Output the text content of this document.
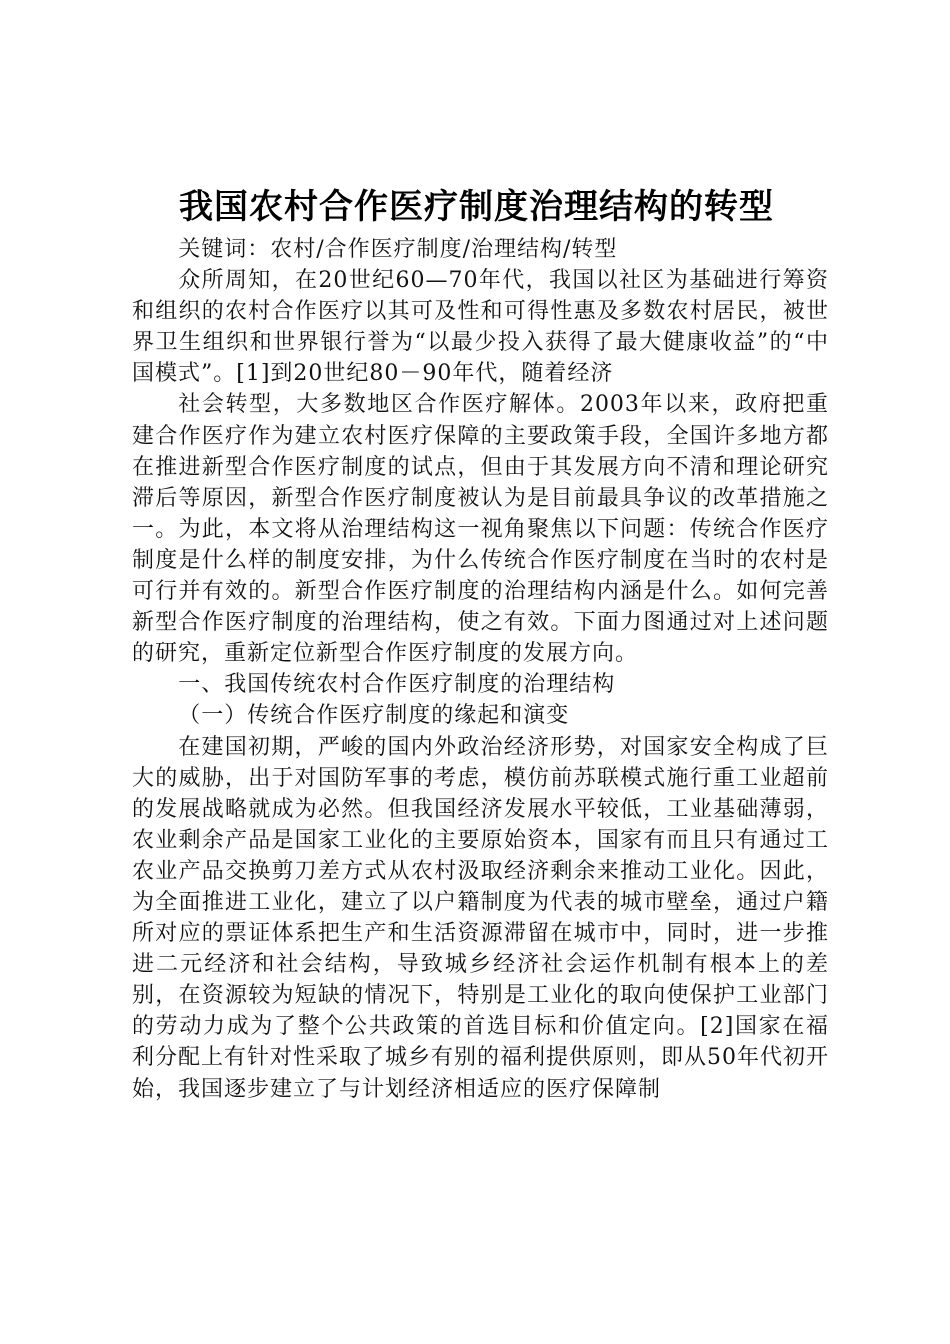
我国农村合作医疗制度治理结构的转型

关键词：农村/合作医疗制度/治理结构/转型

众所周知，在20世纪60—70年代，我国以社区为基础进行筹资和组织的农村合作医疗以其可及性和可得性惠及多数农村居民，被世界卫生组织和世界银行誉为“以最少投入获得了最大健康收益”的“中国模式”。[1]到20世纪80－90年代，随着经济

社会转型，大多数地区合作医疗解体。2003年以来，政府把重建合作医疗作为建立农村医疗保障的主要政策手段，全国许多地方都在推进新型合作医疗制度的试点，但由于其发展方向不清和理论研究滞后等原因，新型合作医疗制度被认为是目前最具争议的改革措施之一。为此，本文将从治理结构这一视角聚焦以下问题：传统合作医疗制度是什么样的制度安排，为什么传统合作医疗制度在当时的农村是可行并有效的。新型合作医疗制度的治理结构内涵是什么。如何完善新型合作医疗制度的治理结构，使之有效。下面力图通过对上述问题的研究，重新定位新型合作医疗制度的发展方向。

一、我国传统农村合作医疗制度的治理结构

（一）传统合作医疗制度的缘起和演变

在建国初期，严峻的国内外政治经济形势，对国家安全构成了巨大的威胁，出于对国防军事的考虑，模仿前苏联模式施行重工业超前的发展战略就成为必然。但我国经济发展水平较低，工业基础薄弱，农业剩余产品是国家工业化的主要原始资本，国家有而且只有通过工农业产品交换剪刀差方式从农村汲取经济剩余来推动工业化。因此，为全面推进工业化，建立了以户籍制度为代表的城市壁垒，通过户籍所对应的票证体系把生产和生活资源滞留在城市中，同时，进一步推进二元经济和社会结构，导致城乡经济社会运作机制有根本上的差别，在资源较为短缺的情况下，特别是工业化的取向使保护工业部门的劳动力成为了整个公共政策的首选目标和价值定向。[2]国家在福利分配上有针对性采取了城乡有别的福利提供原则，即从50年代初开始，我国逐步建立了与计划经济相适应的医疗保障制
